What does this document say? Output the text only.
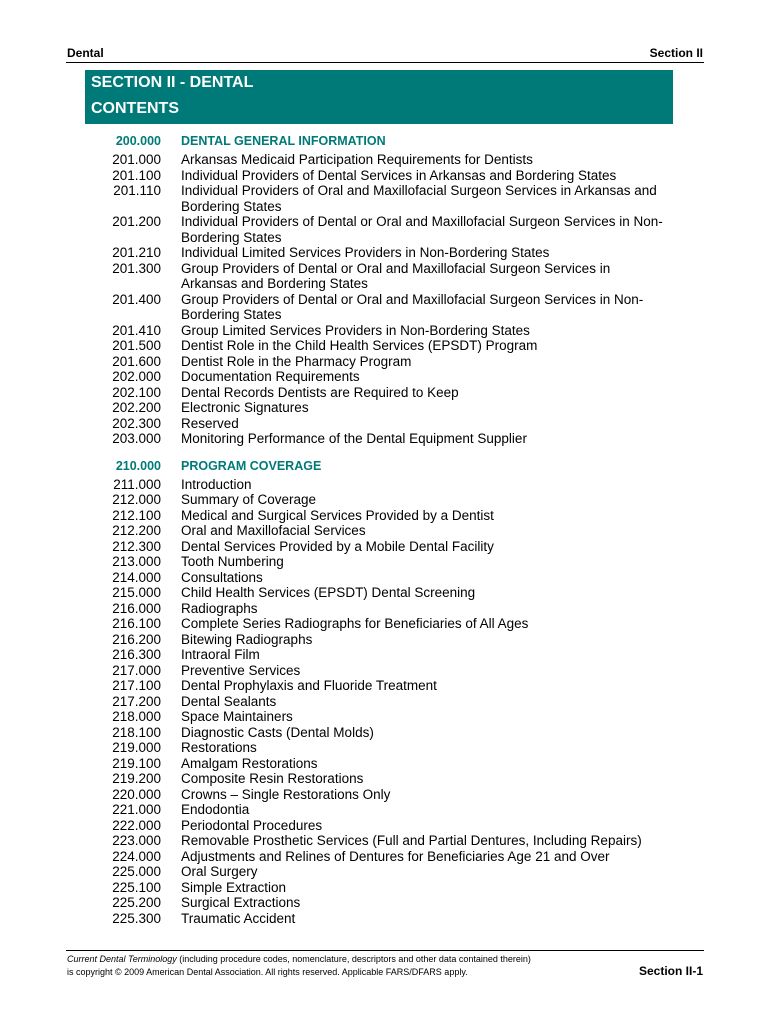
Dental	Section II
SECTION II - DENTAL
CONTENTS
200.000 DENTAL GENERAL INFORMATION
201.000 Arkansas Medicaid Participation Requirements for Dentists
201.100 Individual Providers of Dental Services in Arkansas and Bordering States
201.110 Individual Providers of Oral and Maxillofacial Surgeon Services in Arkansas and Bordering States
201.200 Individual Providers of Dental or Oral and Maxillofacial Surgeon Services in Non-Bordering States
201.210 Individual Limited Services Providers in Non-Bordering States
201.300 Group Providers of Dental or Oral and Maxillofacial Surgeon Services in Arkansas and Bordering States
201.400 Group Providers of Dental or Oral and Maxillofacial Surgeon Services in Non-Bordering States
201.410 Group Limited Services Providers in Non-Bordering States
201.500 Dentist Role in the Child Health Services (EPSDT) Program
201.600 Dentist Role in the Pharmacy Program
202.000 Documentation Requirements
202.100 Dental Records Dentists are Required to Keep
202.200 Electronic Signatures
202.300 Reserved
203.000 Monitoring Performance of the Dental Equipment Supplier
210.000 PROGRAM COVERAGE
211.000 Introduction
212.000 Summary of Coverage
212.100 Medical and Surgical Services Provided by a Dentist
212.200 Oral and Maxillofacial Services
212.300 Dental Services Provided by a Mobile Dental Facility
213.000 Tooth Numbering
214.000 Consultations
215.000 Child Health Services (EPSDT) Dental Screening
216.000 Radiographs
216.100 Complete Series Radiographs for Beneficiaries of All Ages
216.200 Bitewing Radiographs
216.300 Intraoral Film
217.000 Preventive Services
217.100 Dental Prophylaxis and Fluoride Treatment
217.200 Dental Sealants
218.000 Space Maintainers
218.100 Diagnostic Casts (Dental Molds)
219.000 Restorations
219.100 Amalgam Restorations
219.200 Composite Resin Restorations
220.000 Crowns – Single Restorations Only
221.000 Endodontia
222.000 Periodontal Procedures
223.000 Removable Prosthetic Services (Full and Partial Dentures, Including Repairs)
224.000 Adjustments and Relines of Dentures for Beneficiaries Age 21 and Over
225.000 Oral Surgery
225.100 Simple Extraction
225.200 Surgical Extractions
225.300 Traumatic Accident
Current Dental Terminology (including procedure codes, nomenclature, descriptors and other data contained therein)
is copyright © 2009 American Dental Association. All rights reserved. Applicable FARS/DFARS apply.	Section II-1
